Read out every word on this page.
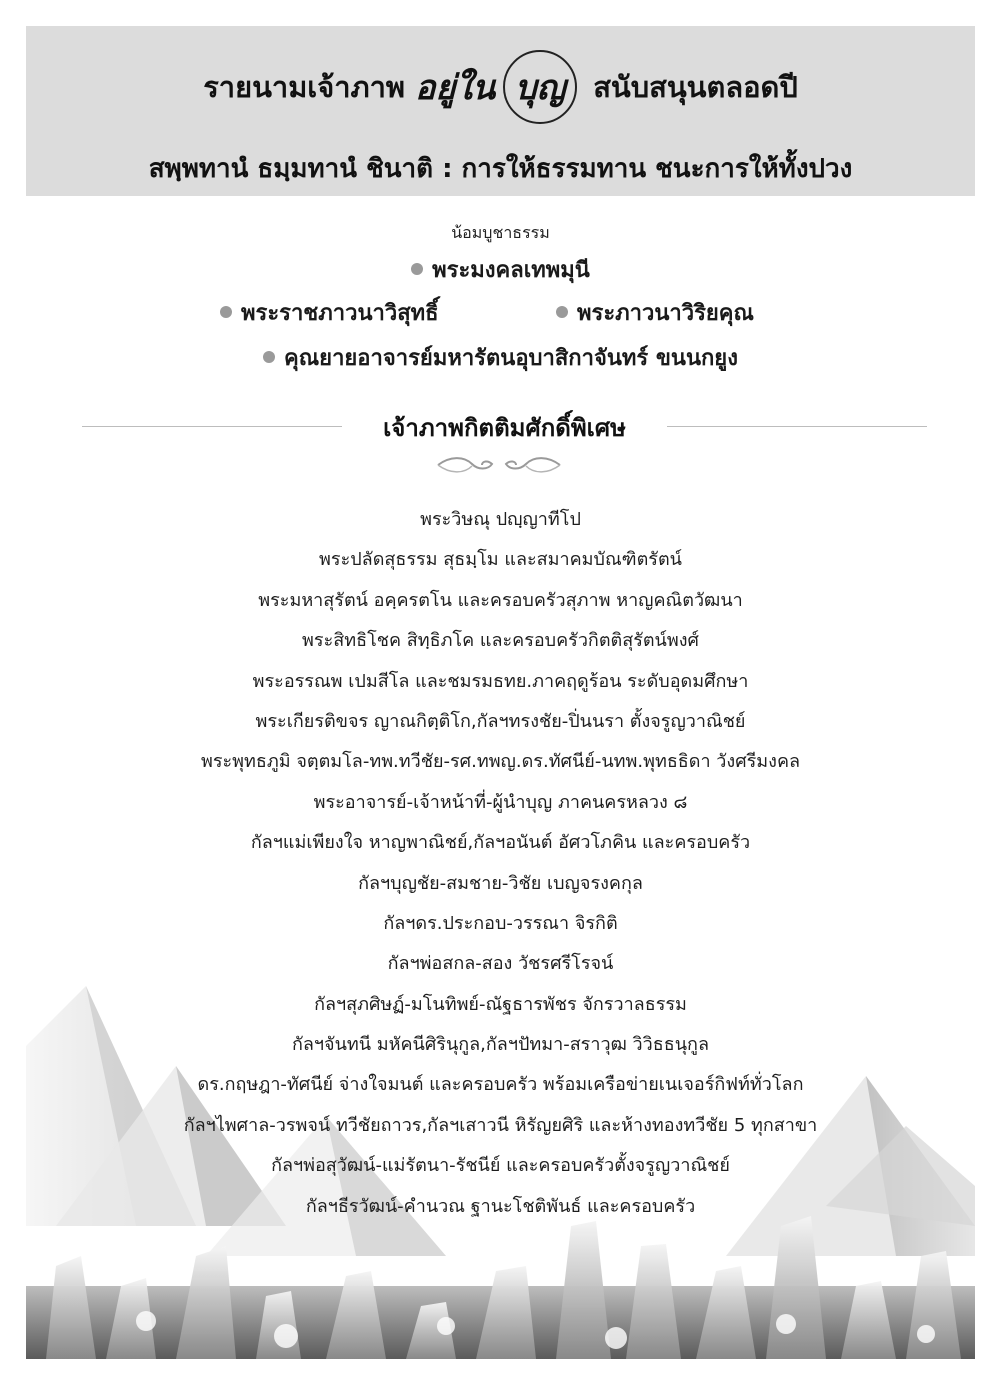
รายนามเจ้าภาพ อยู่ใน บุญ สนับสนุนตลอดปี
สพฺพทานํ ธมฺมทานํ ชินาติ : การให้ธรรมทาน ชนะการให้ทั้งปวง
น้อมบูชาธรรม
พระมงคลเทพมุนี
พระราชภาวนาวิสุทธิ์	พระภาวนาวิริยคุณ
คุณยายอาจารย์มหารัตนอุบาสิกาจันทร์ ขนนกยูง
เจ้าภาพกิตติมศักดิ์พิเศษ
พระวิษณุ ปญฺญาทีโป
พระปลัดสุธรรม สุธมฺโม และสมาคมบัณฑิตรัตน์
พระมหาสุรัตน์ อคฺครตโน และครอบครัวสุภาพ หาญคณิตวัฒนา
พระสิทธิโชค สิทฺธิภโค และครอบครัวกิตติสุรัตน์พงศ์
พระอรรณพ เปมสีโล และชมรมธทย.ภาคฤดูร้อน ระดับอุดมศึกษา
พระเกียรติขจร ญาณกิตฺติโก,กัลฯทรงชัย-ปิ่นนรา ตั้งจรูญวาณิชย์
พระพุทธภูมิ จตฺตมโล-ทพ.ทวีชัย-รศ.ทพญ.ดร.ทัศนีย์-นทพ.พุทธธิดา วังศรีมงคล
พระอาจารย์-เจ้าหน้าที่-ผู้นำบุญ ภาคนครหลวง ๘
กัลฯแม่เพียงใจ หาญพาณิชย์,กัลฯอนันต์ อัศวโภคิน และครอบครัว
กัลฯบุญชัย-สมชาย-วิชัย เบญจรงคกุล
กัลฯดร.ประกอบ-วรรณา จิรกิติ
กัลฯพ่อสกล-สอง วัชรศรีโรจน์
กัลฯสุภศิษฏ์-มโนทิพย์-ณัฐธารพัชร จักรวาลธรรม
กัลฯจันทนี มหัคนีศิรินุกูล,กัลฯปัทมา-สราวุฒ วิวิธธนุกูล
ดร.กฤษฎา-ทัศนีย์ จ่างใจมนต์ และครอบครัว พร้อมเครือข่ายเนเจอร์กิฟท์ทั่วโลก
กัลฯไพศาล-วรพจน์ ทวีชัยถาวร,กัลฯเสาวนี หิรัญยศิริ และห้างทองทวีชัย 5 ทุกสาขา
กัลฯพ่อสุวัฒน์-แม่รัตนา-รัชนีย์ และครอบครัวตั้งจรูญวาณิชย์
กัลฯธีรวัฒน์-คำนวณ ฐานะโชติพันธ์ และครอบครัว
